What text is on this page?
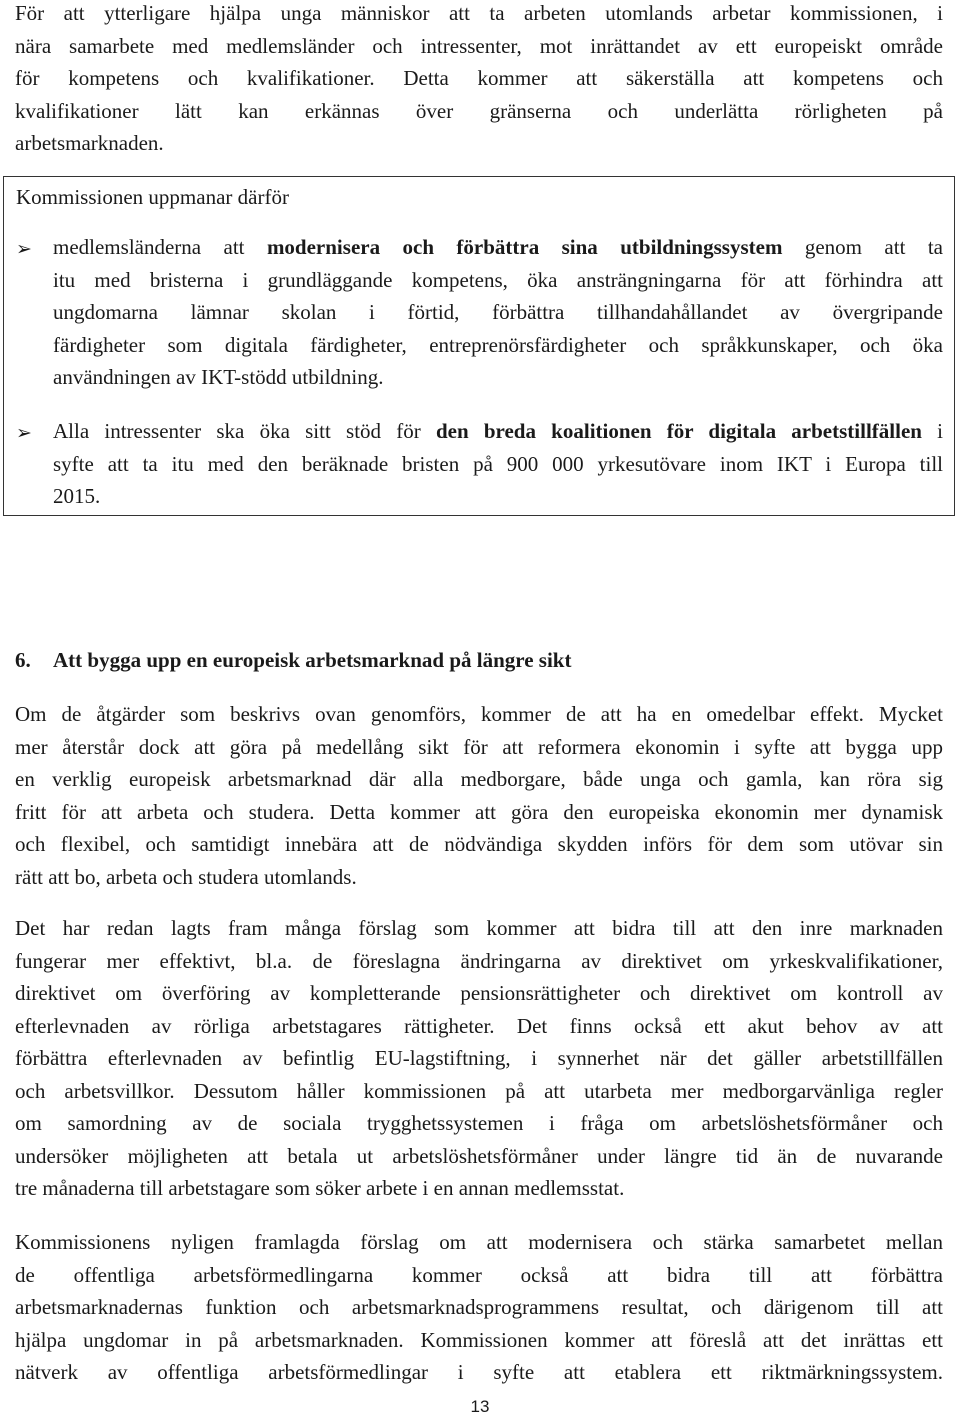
För att ytterligare hjälpa unga människor att ta arbeten utomlands arbetar kommissionen, i
nära samarbete med medlemsländer och intressenter, mot inrättandet av ett europeiskt område
för kompetens och kvalifikationer. Detta kommer att säkerställa att kompetens och
kvalifikationer lätt kan erkännas över gränserna och underlätta rörligheten på
arbetsmarknaden.

Kommissionen uppmanar därför

➢ medlemsländerna att modernisera och förbättra sina utbildningssystem genom att ta
itu med bristerna i grundläggande kompetens, öka ansträngningarna för att förhindra att
ungdomarna lämnar skolan i förtid, förbättra tillhandahållandet av övergripande
färdigheter som digitala färdigheter, entreprenörsfärdigheter och språkkunskaper, och öka
användningen av IKT-stödd utbildning.
➢ Alla intressenter ska öka sitt stöd för den breda koalitionen för digitala arbetstillfällen i
syfte att ta itu med den beräknade bristen på 900 000 yrkesutövare inom IKT i Europa till
2015.
6. Att bygga upp en europeisk arbetsmarknad på längre sikt

Om de åtgärder som beskrivs ovan genomförs, kommer de att ha en omedelbar effekt. Mycket
mer återstår dock att göra på medellång sikt för att reformera ekonomin i syfte att bygga upp
en verklig europeisk arbetsmarknad där alla medborgare, både unga och gamla, kan röra sig
fritt för att arbeta och studera. Detta kommer att göra den europeiska ekonomin mer dynamisk
och flexibel, och samtidigt innebära att de nödvändiga skydden införs för dem som utövar sin
rätt att bo, arbeta och studera utomlands.

Det har redan lagts fram många förslag som kommer att bidra till att den inre marknaden
fungerar mer effektivt, bl.a. de föreslagna ändringarna av direktivet om yrkeskvalifikationer,
direktivet om överföring av kompletterande pensionsrättigheter och direktivet om kontroll av
efterlevnaden av rörliga arbetstagares rättigheter. Det finns också ett akut behov av att
förbättra efterlevnaden av befintlig EU-lagstiftning, i synnerhet när det gäller arbetstillfällen
och arbetsvillkor. Dessutom håller kommissionen på att utarbeta mer medborgarvänliga regler
om samordning av de sociala trygghetssystemen i fråga om arbetslöshetsförmåner och
undersöker möjligheten att betala ut arbetslöshetsförmåner under längre tid än de nuvarande
tre månaderna till arbetstagare som söker arbete i en annan medlemsstat.

Kommissionens nyligen framlagda förslag om att modernisera och stärka samarbetet mellan
de offentliga arbetsförmedlingarna kommer också att bidra till att förbättra
arbetsmarknadernas funktion och arbetsmarknadsprogrammens resultat, och därigenom till att
hjälpa ungdomar in på arbetsmarknaden. Kommissionen kommer att föreslå att det inrättas ett
nätverk av offentliga arbetsförmedlingar i syfte att etablera ett riktmärkningssystem.

13
